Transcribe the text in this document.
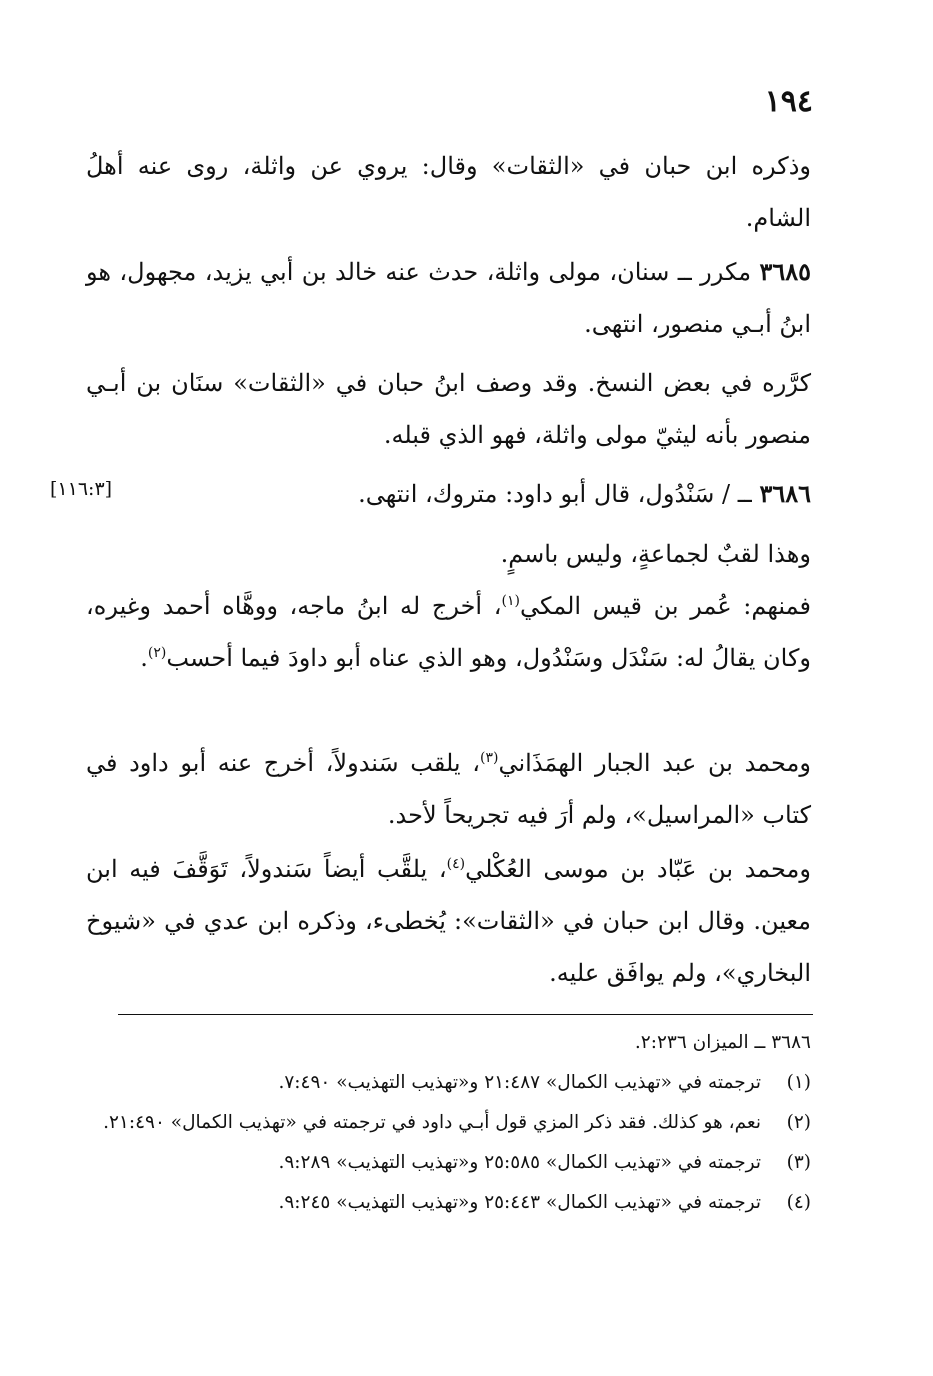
١٩٤
وذكره ابن حبان في «الثقات» وقال: يروي عن واثلة، روى عنه أهلُ الشام.
٣٦٨٥ مكرر ــ سنان، مولى واثلة، حدث عنه خالد بن أبي يزيد، مجهول، هو ابنُ أبـي منصور، انتهى.
كرَّره في بعض النسخ. وقد وصف ابنُ حبان في «الثقات» سنَان بن أبـي منصور بأنه ليثيّ مولى واثلة، فهو الذي قبله.
٣٦٨٦ ــ / سَنْدُول، قال أبو داود: متروك، انتهى.
[١١٦:٣]
وهذا لقبٌ لجماعةٍ، وليس باسمٍ.
فمنهم: عُمر بن قيس المكي$^{(١)}$، أخرج له ابنُ ماجه، ووهَّاه أحمد وغيره، وكان يقالُ له: سَنْدَل وسَنْدُول، وهو الذي عناه أبو داودَ فيما أحسب$^{(٢)}$.
ومحمد بن عبد الجبار الهمَذَاني$^{(٣)}$، يلقب سَندولاً، أخرج عنه أبو داود في كتاب «المراسيل»، ولم أرَ فيه تجريحاً لأحد.
ومحمد بن عَبّاد بن موسى العُكْلي$^{(٤)}$، يلقَّب أيضاً سَندولاً، تَوَقَّفَ فيه ابن معين. وقال ابن حبان في «الثقات»: يُخطىء، وذكره ابن عدي في «شيوخ البخاري»، ولم يوافَق عليه.

٣٦٨٦ ــ الميزان ٢:٢٣٦.

(١)
ترجمته في «تهذيب الكمال» ٢١:٤٨٧ و«تهذيب التهذيب» ٧:٤٩٠.

(٢)
نعم، هو كذلك. فقد ذكر المزي قول أبـي داود في ترجمته في «تهذيب الكمال» ٢١:٤٩٠.

(٣)
ترجمته في «تهذيب الكمال» ٢٥:٥٨٥ و«تهذيب التهذيب» ٩:٢٨٩.

(٤)
ترجمته في «تهذيب الكمال» ٢٥:٤٤٣ و«تهذيب التهذيب» ٩:٢٤٥.
